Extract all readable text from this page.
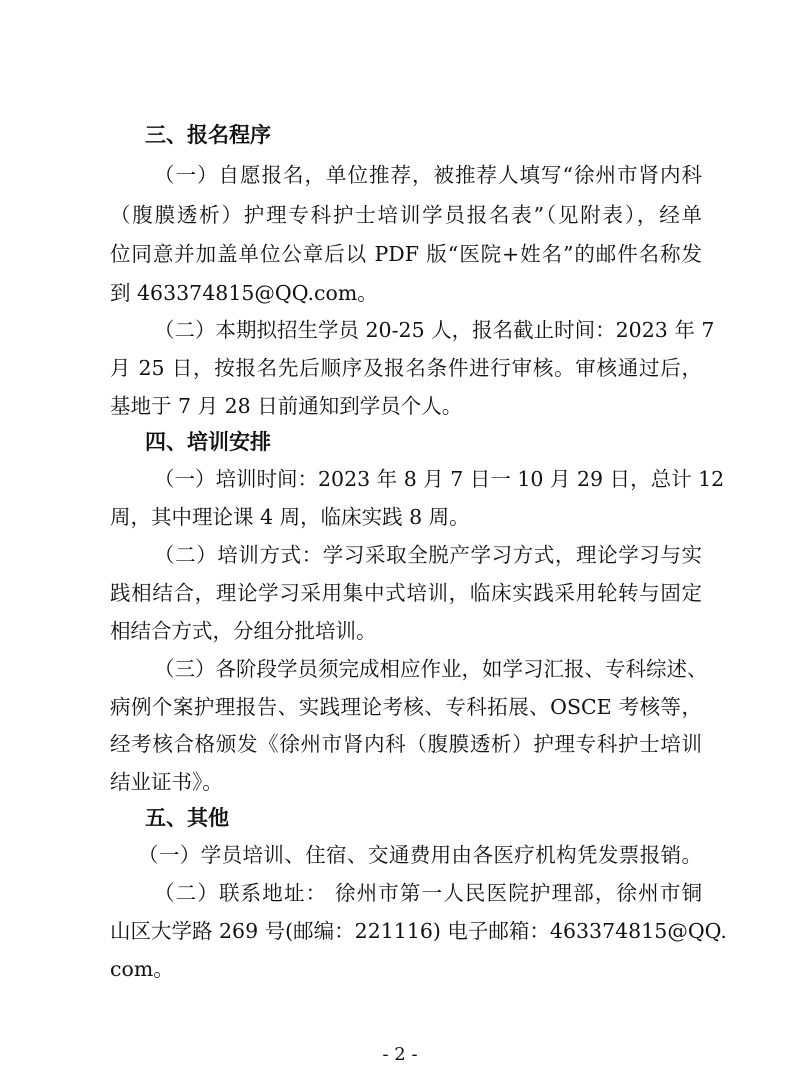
三、报名程序
（一）自愿报名，单位推荐，被推荐人填写“徐州市肾内科
（腹膜透析）护理专科护士培训学员报名表”（见附表），经单
位同意并加盖单位公章后以 PDF 版“医院+姓名”的邮件名称发
到 463374815@QQ.com。
（二）本期拟招生学员 20-25 人，报名截止时间：2023 年 7
月 25 日，按报名先后顺序及报名条件进行审核。审核通过后，
基地于 7 月 28 日前通知到学员个人。
四、培训安排
（一）培训时间：2023 年 8 月 7 日一 10 月 29 日，总计 12
周，其中理论课 4 周，临床实践 8 周。
（二）培训方式：学习采取全脱产学习方式，理论学习与实
践相结合，理论学习采用集中式培训，临床实践采用轮转与固定
相结合方式，分组分批培训。
（三）各阶段学员须完成相应作业，如学习汇报、专科综述、
病例个案护理报告、实践理论考核、专科拓展、OSCE 考核等，
经考核合格颁发《徐州市肾内科（腹膜透析）护理专科护士培训
结业证书》。
五、其他
（一）学员培训、住宿、交通费用由各医疗机构凭发票报销。
（二）联系地址： 徐州市第一人民医院护理部，徐州市铜
山区大学路 269 号(邮编：221116) 电子邮箱：463374815@QQ.
com。
- 2 -
